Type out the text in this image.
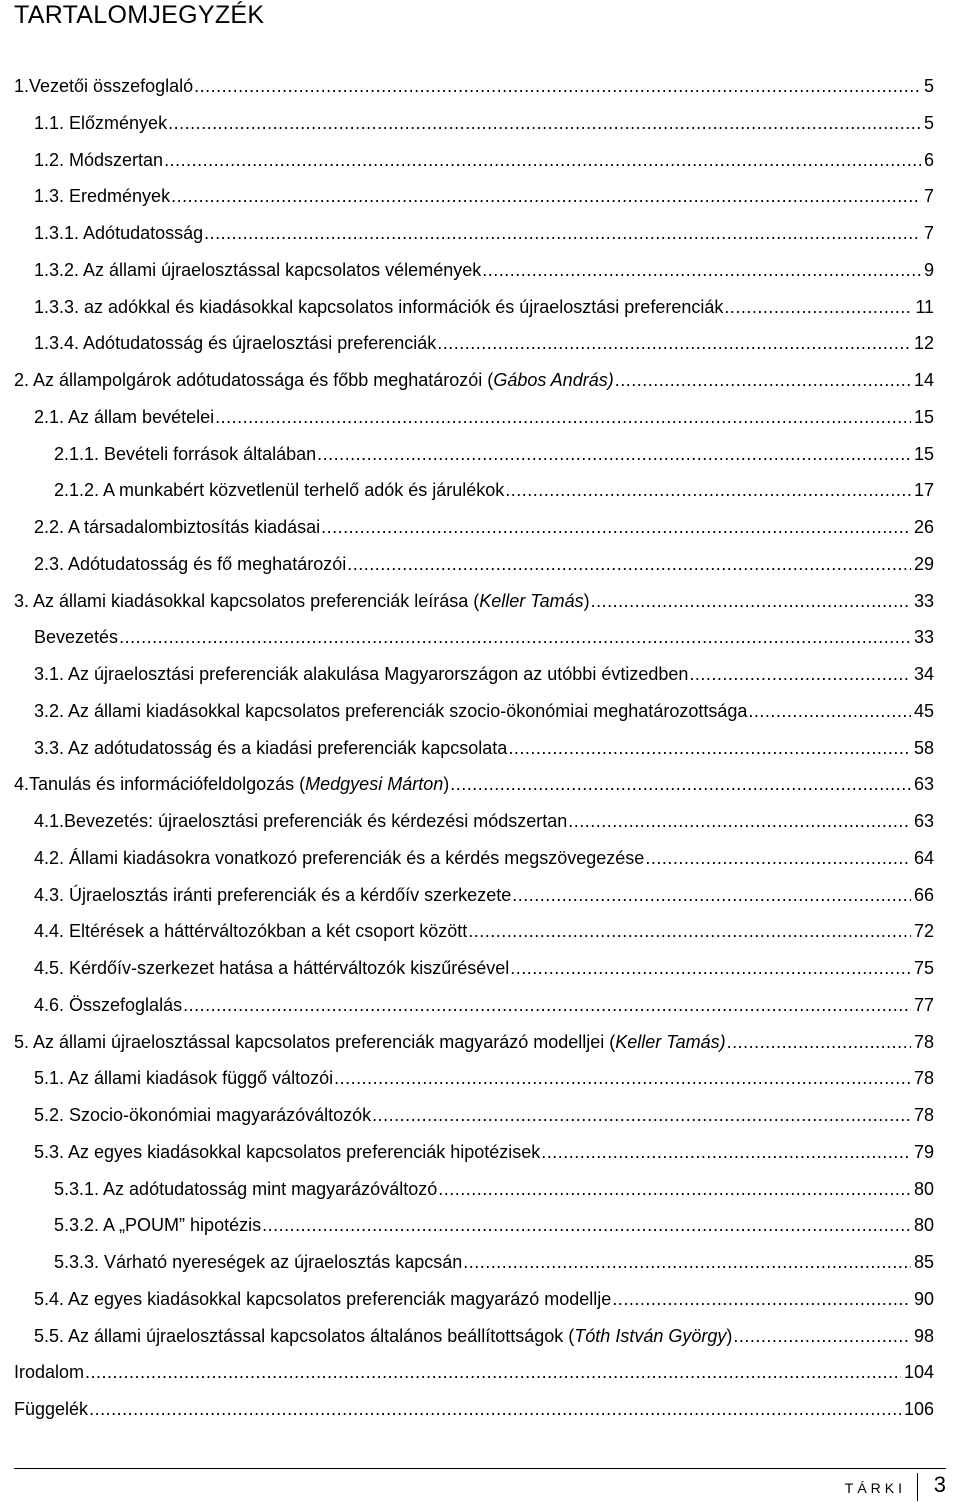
TARTALOMJEGYZÉK
1.Vezetői összefoglaló .....	5
1.1. Előzmények .....	5
1.2. Módszertan .....	6
1.3. Eredmények .....	7
1.3.1. Adótudatosság .....	7
1.3.2. Az állami újraelosztással kapcsolatos vélemények .....	9
1.3.3. az adókkal és kiadásokkal kapcsolatos információk és újraelosztási preferenciák .....	11
1.3.4. Adótudatosság és újraelosztási preferenciák .....	12
2. Az állampolgárok adótudatossága és főbb meghatározói (Gábos András) .....	14
2.1. Az állam bevételei .....	15
2.1.1. Bevételi források általában .....	15
2.1.2. A munkabért közvetlenül terhelő adók és járulékok .....	17
2.2. A társadalombiztosítás kiadásai .....	26
2.3. Adótudatosság és fő meghatározói .....	29
3. Az állami kiadásokkal kapcsolatos preferenciák leírása (Keller Tamás) .....	33
Bevezetés .....	33
3.1. Az újraelosztási preferenciák alakulása Magyarországon az utóbbi évtizedben .....	34
3.2. Az állami kiadásokkal kapcsolatos preferenciák szocio-ökonómiai meghatározottsága .....	45
3.3. Az adótudatosság és a kiadási preferenciák kapcsolata .....	58
4.Tanulás és információfeldolgozás (Medgyesi Márton) .....	63
4.1.Bevezetés: újraelosztási preferenciák és kérdezési módszertan .....	63
4.2. Állami kiadásokra vonatkozó preferenciák és a kérdés megszövegezése .....	64
4.3. Újraelosztás iránti preferenciák és a kérdőív szerkezete .....	66
4.4. Eltérések a háttérváltozókban a két csoport között .....	72
4.5. Kérdőív-szerkezet hatása a háttérváltozók kiszűrésével .....	75
4.6. Összefoglalás .....	77
5. Az állami újraelosztással kapcsolatos preferenciák magyarázó modelljei (Keller Tamás) .....	78
5.1. Az állami kiadások függő változói .....	78
5.2. Szocio-ökonómiai magyarázóváltozók .....	78
5.3. Az egyes kiadásokkal kapcsolatos preferenciák hipotézisek .....	79
5.3.1. Az adótudatosság mint magyarázóváltozó .....	80
5.3.2. A „POUM” hipotézis .....	80
5.3.3. Várható nyereségek az újraelosztás kapcsán .....	85
5.4. Az egyes kiadásokkal kapcsolatos preferenciák magyarázó modellje .....	90
5.5. Az állami újraelosztással kapcsolatos általános beállítottságok (Tóth István György) .....	98
Irodalom .....	104
Függelék .....	106
TÁRKI 3
